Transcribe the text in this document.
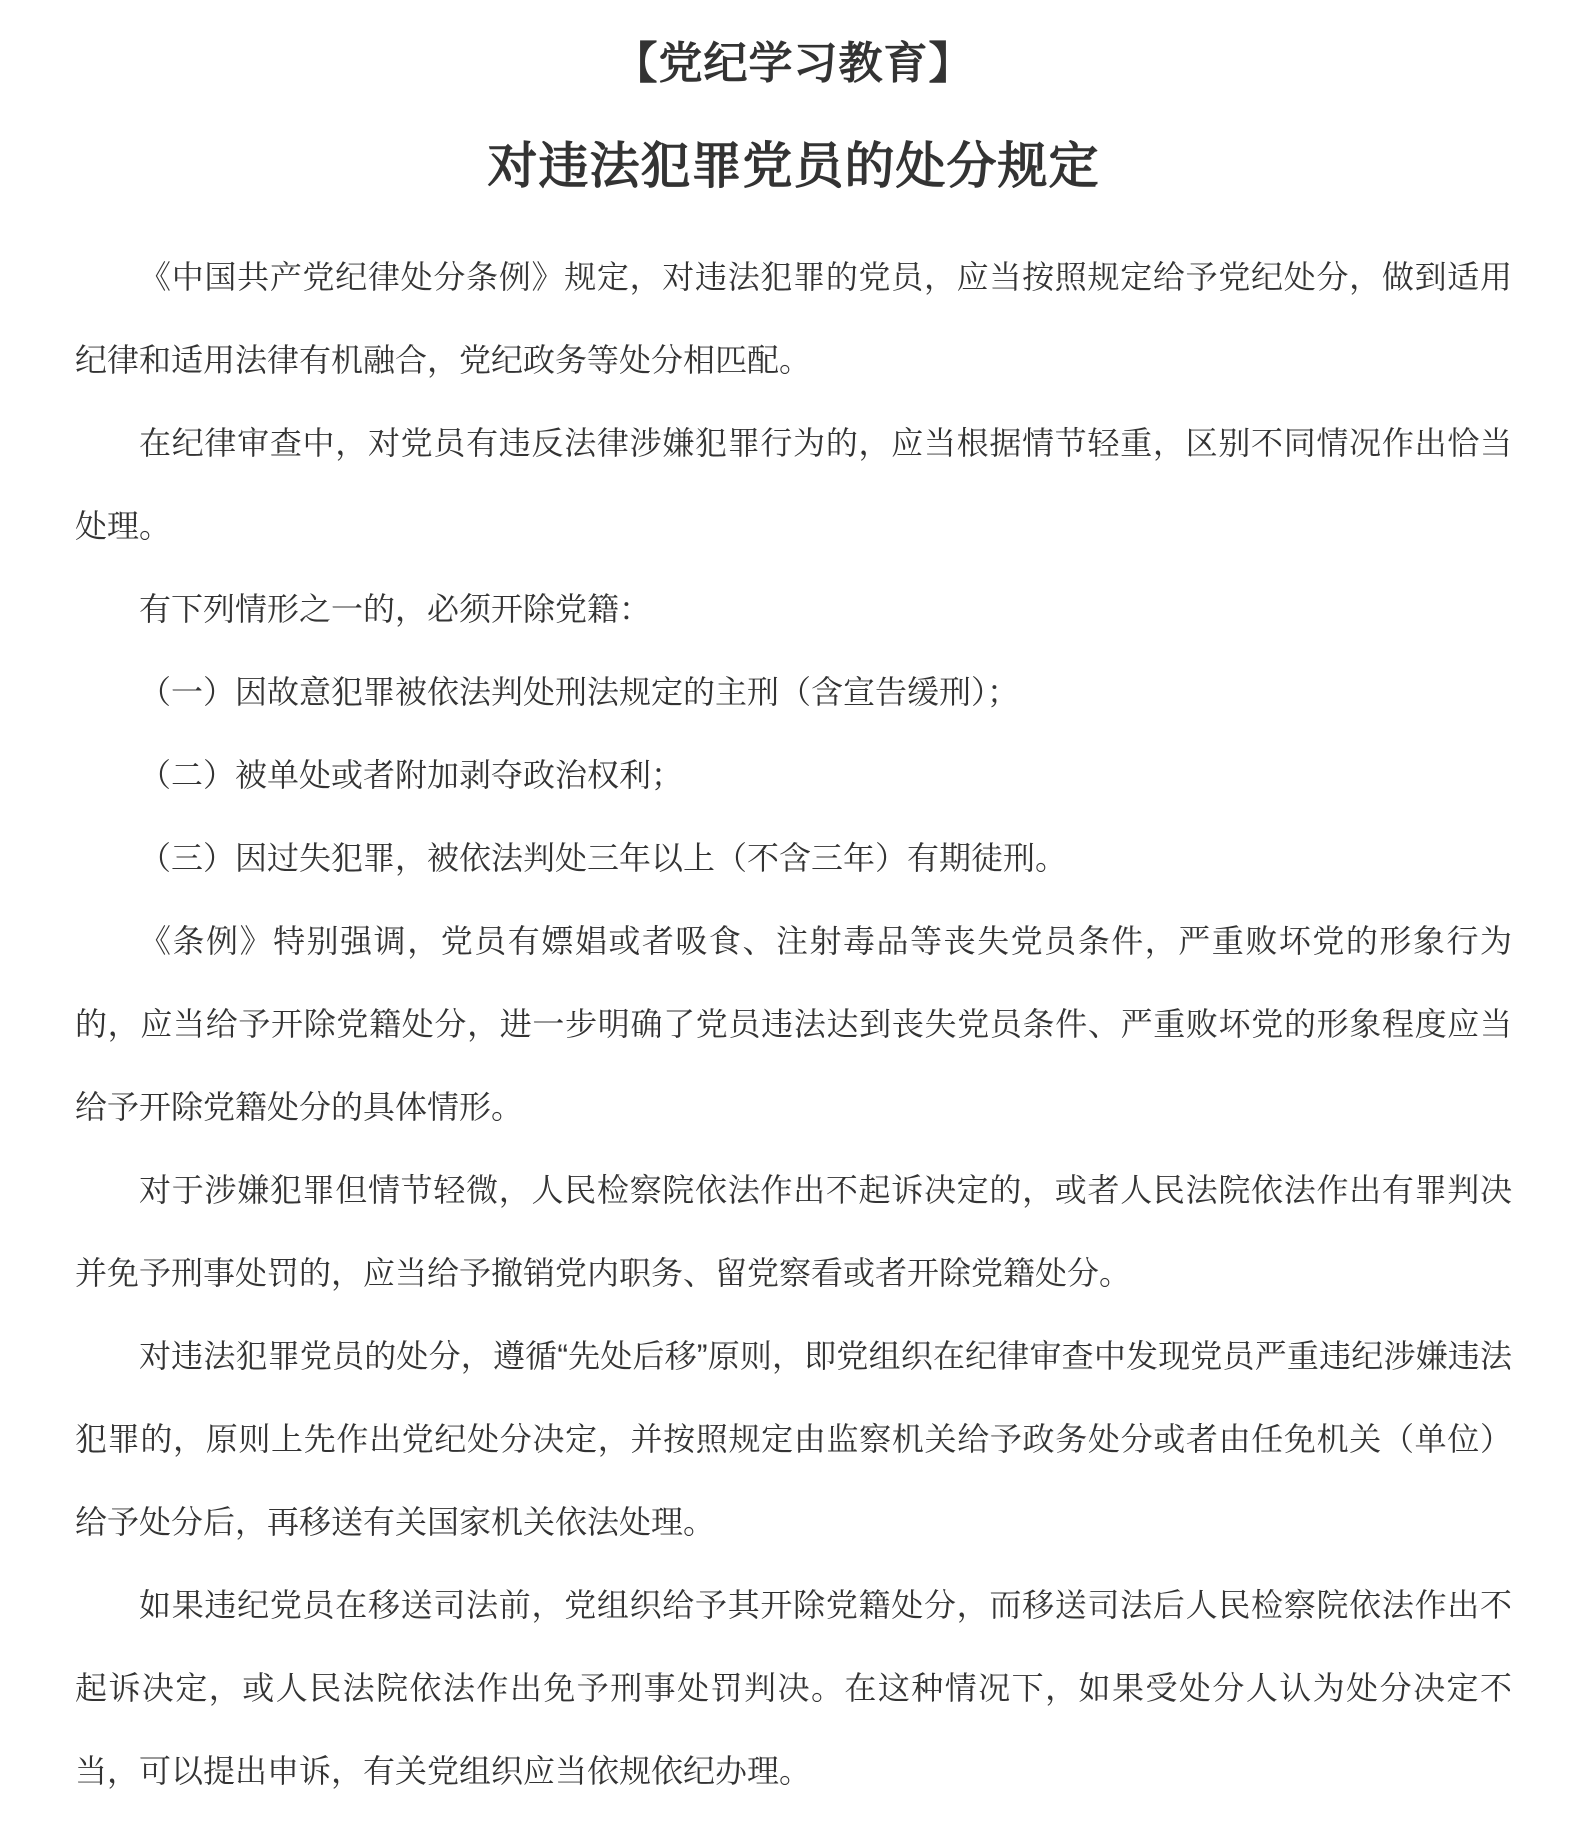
【党纪学习教育】
对违法犯罪党员的处分规定

《中国共产党纪律处分条例》规定，对违法犯罪的党员，应当按照规定给予党纪处分，做到适用纪律和适用法律有机融合，党纪政务等处分相匹配。

在纪律审查中，对党员有违反法律涉嫌犯罪行为的，应当根据情节轻重，区别不同情况作出恰当处理。

有下列情形之一的，必须开除党籍：

（一）因故意犯罪被依法判处刑法规定的主刑（含宣告缓刑）；

（二）被单处或者附加剥夺政治权利；

（三）因过失犯罪，被依法判处三年以上（不含三年）有期徒刑。

《条例》特别强调，党员有嫖娼或者吸食、注射毒品等丧失党员条件，严重败坏党的形象行为的，应当给予开除党籍处分，进一步明确了党员违法达到丧失党员条件、严重败坏党的形象程度应当给予开除党籍处分的具体情形。

对于涉嫌犯罪但情节轻微，人民检察院依法作出不起诉决定的，或者人民法院依法作出有罪判决并免予刑事处罚的，应当给予撤销党内职务、留党察看或者开除党籍处分。

对违法犯罪党员的处分，遵循“先处后移”原则，即党组织在纪律审查中发现党员严重违纪涉嫌违法犯罪的，原则上先作出党纪处分决定，并按照规定由监察机关给予政务处分或者由任免机关（单位）给予处分后，再移送有关国家机关依法处理。

如果违纪党员在移送司法前，党组织给予其开除党籍处分，而移送司法后人民检察院依法作出不起诉决定，或人民法院依法作出免予刑事处罚判决。在这种情况下，如果受处分人认为处分决定不当，可以提出申诉，有关党组织应当依规依纪办理。
